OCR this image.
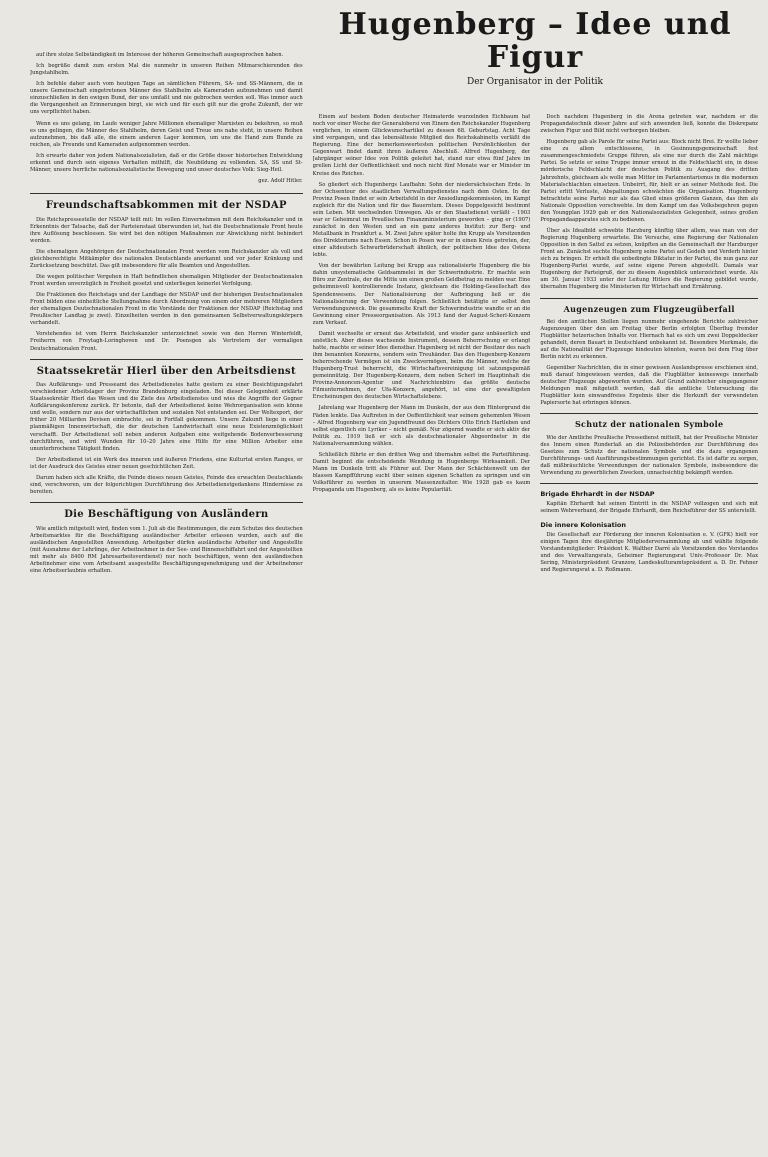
Hugenberg – Idee und Figur
Der Organisator in der Politik

auf ihre stolze Selbständigkeit im Interesse der höheren Gemeinschaft ausgesprochen haben.

Ich begrüße damit zum ersten Mal die nunmehr in unseren Reihen Mitmarschierenden des Jungstahlhelm.

Ich befehle daher auch vom heutigen Tage an sämtlichen Führern, SA- und SS-Männern, die in unsere Gemeinschaft eingetretenen Männer des Stahlhelm als Kameraden aufzunehmen und damit einzuschließen in den ewigen Bund, der uns umfaßt und nie gebrochen werden soll. Was immer auch die Vergangenheit an Erinnerungen birgt, sie wich und für euch gilt nur die große Zukunft, der wir uns verpflichtet haben.

Wenn es uns gelang, im Laufe weniger Jahre Millionen ehemaliger Marxisten zu bekehren, so muß es uns gelingen, die Männer des Stahlhelm, deren Geist und Treue uns nahe steht, in unsere Reihen aufzunehmen, bis daß alle, die einem anderen Lager kommen, um uns die Hand zum Bunde zu reichen, als Freunde und Kameraden aufgenommen werden.

Ich erwarte daher von jedem Nationalsozialisten, daß er die Größe dieser historischen Entwicklung erkennt und durch sein eigenes Verhalten mithilft, die Neubildung zu vollenden. SA, SS und St-Männer, unsere herrliche nationalsozialistische Bewegung und unser deutsches Volk: Sieg-Heil.

gez. Adolf Hitler.
Freundschaftsabkommen mit der NSDAP

Die Reichspressestelle der NSDAP teilt mit: Im vollen Einvernehmen mit dem Reichskanzler und in Erkenntnis der Tatsache, daß der Parteienstaat überwunden ist, hat die Deutschnationale Front heute ihre Auflösung beschlossen. Sie wird bei den nötigen Maßnahmen zur Abwicklung nicht behindert werden.

Die ehemaligen Angehörigen der Deutschnationalen Front werden vom Reichskanzler als voll und gleichberechtigte Mitkämpfer des nationalen Deutschlands anerkannt und vor jeder Kränkung und Zurücksetzung beschützt. Das gilt insbesondere für alle Beamten und Angestellten.

Die wegen politischer Vergehen in Haft befindlichen ehemaligen Mitglieder der Deutschnationalen Front werden unverzüglich in Freiheit gesetzt und unterliegen keinerlei Verfolgung.

Die Fraktionen des Reichstags und der Landtage der NSDAP und der bisherigen Deutschnationalen Front bilden eine einheitliche Stellungnahme durch Abordnung von einem oder mehreren Mitgliedern der ehemaligen Deutschnationalen Front in die Vorstände der Fraktionen der NSDAP (Reichstag und Preußischer Landtag je zwei). Einzelheiten werden in den gemeinsamen Selbstverwaltungskörpern verhandelt.

Vorstehendes ist vom Herrn Reichskanzler unterzeichnet sowie von den Herren Winterfeldt, Freiherrn von Freytagh-Loringhoven und Dr. Poensgen als Vertretern der vormaligen Deutschnationalen Front.

Staatssekretär Hierl über den Arbeitsdienst

Das Aufklärungs- und Presseamt des Arbeitsdienstes hatte gestern zu einer Besichtigungsfahrt verschiedener Arbeitslager der Provinz Brandenburg eingeladen. Bei dieser Gelegenheit erklärte Staatssekretär Hierl das Wesen und die Ziele des Arbeitsdienstes und wies die Angriffe der Gegner Aufklärungskonferenz zurück. Er betonte, daß der Arbeitsdienst keine Wehrorganisation sein könne und wolle, sondern nur aus der wirtschaftlichen und sozialen Not entstanden sei. Der Weltexport, der früher 20 Milliarden Devisen einbrachte, sei in Fortfall gekommen. Unsere Zukunft liege in einer planmäßigen Innenwirtschaft, die der deutschen Landwirtschaft eine neue Existenzmöglichkeit verschafft. Der Arbeitsdienst soll neben anderen Aufgaben eine weitgehende Bodenverbesserung durchführen, und wird Wunden für 10–20 Jahre eine Hilfe für eine Million Arbeiter eine ununterbrochene Tätigkeit finden.

Der Arbeitsdienst ist ein Werk des inneren und äußeren Friedens, eine Kulturtat ersten Ranges, er ist der Ausdruck des Geistes einer neuen geschichtlichen Zeit.

Darum haben sich alle Kräfte, die Feinde dieses neuen Geistes, Feinde des erwachten Deutschlands sind, verschworen, um der folgerichtigen Durchführung des Arbeitsdienstgedankens Hindernisse zu bereiten.

Die Beschäftigung von Ausländern

Wie amtlich mitgeteilt wird, finden vom 1. Juli ab die Bestimmungen, die zum Schutze des deutschen Arbeitsmarktes für die Beschäftigung ausländischer Arbeiter erlassen wurden, auch auf die ausländischen Angestellten Anwendung. Arbeitgeber dürfen ausländische Arbeiter und Angestellte (mit Ausnahme der Lehrlinge, der Arbeitnehmer in der See- und Binnenschiffahrt und der Angestellten mit mehr als 8400 RM Jahresarbeitsverdienst) nur noch beschäftigen, wenn den ausländischen Arbeitnehmer eine vom Arbeitsamt ausgestellte Beschäftigungsgenehmigung und der Arbeitnehmer eine Arbeitserlaubnis erhalten.

Einem auf bestem Boden deutscher Heimaterde wurzelnden Eichbaum hat noch vor einer Woche der Generalobersi von Einem den Reichskanzler Hugenberg verglichen, in einem Glückwunschartikel zu dessen 68. Geburtstag. Acht Tage sind vergangen, und das lebensältesie Mitglied des Reichskabinetts verläßt die Regierung. Eine der bemerkenswertesten politischen Persönlichkeiten der Gegenwart findet damit ihren äußeren Abschluß. Alfred Hugenberg, der Jahrgänger seiner Idee von Politik geleitet hat, stand nur etwa fünf Jahre im grellen Licht der Oeffentlichkeit und noch nicht fünf Monate war er Minister im Kreise des Reiches.

So gliedert sich Hugenbergs Laufbahn: Sohn der niedersächsischen Erde. In der Ochsentour des staatlichen Verwaltungsdienstes nach dem Osten. In der Provinz Posen findet er sein Arbeitsfeld in der Ansiedlungskommission, im Kampf zugleich für die Nation und für das Bauerntum. Dieses Doppelgesicht bestimmt sein Leben. Mit wechselnden Umwegen. Als er den Staatsdienst verläßt – 1903 war er Geheimrat im Preußischen Finanzministerium geworden – ging er (1907) zunächst in den Westen und an ein ganz anderes Institut: zur Berg- und Metallbank in Frankfurt a. M. Zwei Jahre später holte ihn Krupp als Vorsitzenden des Direktoriums nach Essen. Schon in Posen war er in einen Kreis getreten, der, einer altdeutsch Schwurbrüderschaft ähnlich, der politischen Idee des Ostens lebte.

Von der bewährten Leitung bei Krupp aus rationalisierte Hugenberg die bis dahin unsystematische Geldsammelei in der Schwerindustrie. Er machte sein Büro zur Zentrale, der die Mitte um einen großen Geldbetrag zu melden war. Eine geheimnisvoll kontrollierende Instanz, gleichsam die Holding-Gesellschaft des Spendenwesens. Der Nationalisierung der Aufbringung ließ er die Nationalisierung der Verwendung folgen. Schließlich betätigte er selbst den Verwendungszweck. Die gesammelte Kraft der Schwerindustrie wandte er an die Gewinnung einer Presseorganisation. Als 1913 fand der August-Scherl-Konzern zum Verkauf.

Damit wechselte er erneut das Arbeitsfeld, und wieder ganz unbäuerlich und unöstlich. Aber dieses wachsende Instrument, dessen Beherrschung er erlangt hatte, machte er seiner Idee dienstbar. Hugenberg ist nicht der Besitzer des nach ihm benannten Konzerns, sondern sein Treuhänder. Das den Hugenberg-Konzern beherrschende Vermögen ist ein Zweckvermögen, beim die Männer, welche der Hugenberg-Trust beherrscht, die Wirtschaftsvereinigung ist satzungsgemäß gemeinnützig. Der Hugenberg-Konzern, dem neben Scherl im Hauptinhalt die Provinz-Annoncen-Agentur und Nachrichtenbüro das größte deutsche Filmunternehmen, der Ufa-Konzern, angehört, ist eine der gewaltigsten Erscheinungen des deutschen Wirtschaftslebens.

Jahrelang war Hugenberg der Mann im Dunkeln, der aus dem Hintergrund die Fäden lenkte. Das Auftreten in der Oeffentlichkeit war seinem gehemmten Wesen – Alfred Hugenberg war ein Jugendfreund des Dichters Otto Erich Hartleben und selbst eigentlich ein Lyriker – nicht gemäß. Nur zögernd wandte er sich aktiv der Politik zu. 1919 ließ er sich als deutschnationaler Abgeordneter in die Nationalversammlung wählen.

Schließlich führte er den dritten Weg und übernahm selbst die Parteiführung. Damit beginnt die entscheidende Wendung in Hugenbergs Wirksamkeit. Der Mann im Dunkeln tritt als Führer auf. Der Mann der Schächtenwelt um der blassen Kampfführung sucht über seinen eigenen Schatten zu springen und ein Volksführer zu werden in unserem Massenzeitalter. Wie 1928 gab es kaum Propaganda um Hugenberg, als es keine Popularität.

Doch nachdem Hugenberg in die Arena getreten war, nachdem er die Propagandatechnik dieser Jahre auf sich anwenden ließ, konnte die Diskrepanz zwischen Figur und Bild nicht verborgen bleiben.

Hugenberg gab als Parole für seine Partei aus: Block nicht Brei. Er wollte lieber eine zu allem entschlossene, in Gesinnungsgemeinschaft fest zusammengeschmiedete Gruppe führen, als eine nur durch die Zahl mächtige Partei. So setzte er seine Truppe immer erneut in die Feldschlacht ein, in diese mörderische Feldschlacht der deutschen Politik zu Ausgang des dritten Jahrzehnts, gleichsam als wolle man Mitter im Parlamentarismus in die modernen Materialschlachten einsetzen. Unbeirrt, für, hielt er an seiner Methode fest. Die Partei erlitt Verluste, Abspaltungen schwächten die Organisation. Hugenberg betrachtete seine Partei nur als das Glied eines größeren Ganzen, das ihm als Nationale Opposition vorschwebte. Im dem Kampf um das Volksbegehren gegen den Youngplan 1929 gab er den Nationalsozialisten Gelegenheit, seines großen Propagandaapparates sich zu bedienen.

Über als Idealbild schwebte Harzburg künftig über allem, was man von der Regierung Hugenberg erwartete. Die Versuche, eine Regierung der Nationalen Opposition in den Sattel zu setzen, knüpften an die Gemeinschaft der Harzburger Front an. Zunächst suchte Hugenberg seine Partei auf Gedeih und Verderb hinter sich zu bringen. Er erhielt die unbedingte Diktatur in der Partei, die nun ganz zur Hugenberg-Partei wurde, auf seine eigene Person abgestellt. Damals war Hugenberg der Parteigruß, der zu diesem Augenblick unterzeichnet wurde. Als am 30. Januar 1933 unter der Leitung Hitlers die Regierung gebildet wurde, übernahm Hugenberg die Ministerien für Wirtschaft und Ernährung.

Augenzeugen zum Flugzeugüberfall

Bei den amtlichen Stellen liegen nunmehr eingehende Berichte zahlreicher Augenzeugen über den am Freitag über Berlin erfolgten Überflug fremder Flugblätter hetzerischen Inhalts vor. Hiernach hat es sich um zwei Doppeldecker gehandelt, deren Bauart in Deutschland unbekannt ist. Besondere Merkmale, die auf die Nationalität der Flugzeuge hindeuten könnten, waren bei dem Flug über Berlin nicht zu erkennen.

Gegenüber Nachrichten, die in einer gewissen Auslandspresse erschienen sind, muß darauf hingewiesen werden, daß die Flugblätter keineswegs innerhalb deutscher Flugzeuge abgeworfen wurden. Auf Grund zahlreicher eingegangener Meldungen muß mitgeteilt werden, daß die amtliche Untersuchung die Flugblätter kein einwandfreies Ergebnis über die Herkunft der verwendeten Papiersorte hat erbringen können.

Schutz der nationalen Symbole

Wie der Amtliche Preußische Pressedienst mitteilt, hat der Preußische Minister des Innern einen Runderlaß an die Polizeibehörden zur Durchführung des Gesetzes zum Schutz der nationalen Symbole und die dazu ergangenen Durchführungs- und Ausführungsbestimmungen gerichtet. Es ist dafür zu sorgen, daß mißbräuchliche Verwendungen der nationalen Symbole, insbesondere die Verwendung zu gewerblichen Zwecken, unnachsichtig bekämpft werden.

Brigade Ehrhardt in der NSDAP

Kapitän Ehrhardt hat seinen Eintritt in die NSDAP vollzogen und sich mit seinem Wehrverband, der Brigade Ehrhardt, dem Reichsführer der SS unterstellt.

Die innere Kolonisation

Die Gesellschaft zur Förderung der inneren Kolonisation e. V. (GFK) hielt vor einigen Tagen ihre diesjährige Mitgliederversammlung ab und wählte folgende Vorstandsmitglieder: Präsident K. Walther Darré als Vorsitzenden des Vorstandes und des Verwaltungsrats, Geheimer Regierungsrat Univ.-Professor Dr. Max Sering, Ministerpräsident Granzow, Landeskulturamtspräsident a. D. Dr. Fehner und Regierungsrat a. D. Roßmann.
